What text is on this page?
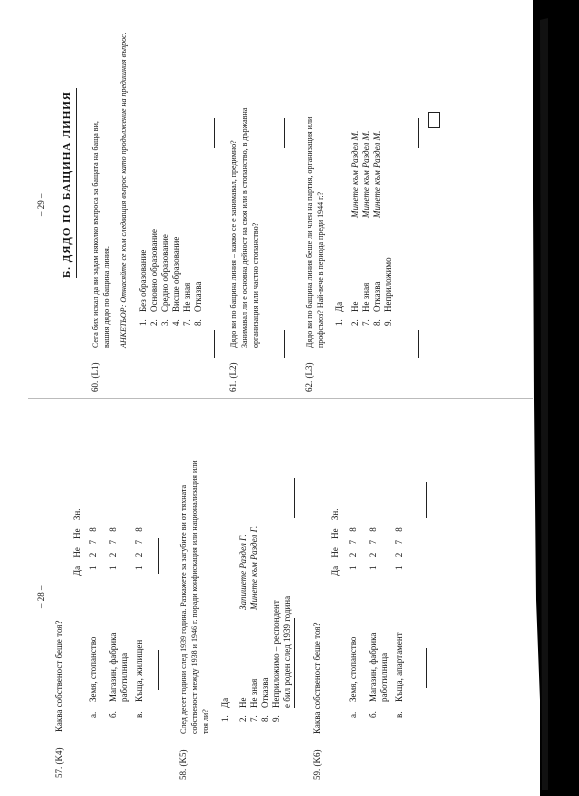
– 28 –
57. (K4)
Каква собственост беше тоя?
Да Не Не Зн.
а.
Земя, стопанство
1 2 7 8
б.
Магазин, фабрика работилница
1 2 7 8
в.
Къща, жилищен
1 2 7 8
58. (K5)
След десет години след 1939 година. Разкажете за загубите ви от тяхната собственост между 1938 и 1946 г. поради конфискация или национализация или тоя ли? 1.
Да
2.
Не
Запишете Раздел Г.
7.
Не зная
Минете към Раздел Г.
8.
Отказва
9.
Неприложимо – респондент е бил роден след 1939 година
59. (K6)
Каква собственост беше тоя?
Да Не Не Зн.
а.
Земя, стопанство
1 2 7 8
б.
Магазин, фабрика работилница
1 2 7 8
в.
Къща, апартамент
1 2 7 8
– 29 – Б. ДЯДО ПО БАЩИНА ЛИНИЯ
60. (L1)
Сега бих искал да ви задам няколко въпроса за бащата на баща ви, вашия дядо по бащина линия. АНКЕТЬОР: Отнасяйте се към следващия въпрос като продължение на предишния въпрос. 1.
Без образование
2.
Основно образование
3.
Средно образование
4.
Висше образование
7.
Не зная
8.
Отказва
61. (L2)
Дядо ви по бащина линия – какво се е занимавал, предимно? Занимавал ли е основна дейност на своя или в стопанство, в държавна организация или частно стопанство?
62. (L3)
Дядо ви по бащина линия беше ли член на партия, организация или профсъюз? Най-вече в периода преди 1944 г.? 1.
Да
2.
Не
Минете към Раздел М.
7.
Не зная
Минете към Раздел М.
8.
Отказва
Минете към Раздел М.
9.
Неприложимо
